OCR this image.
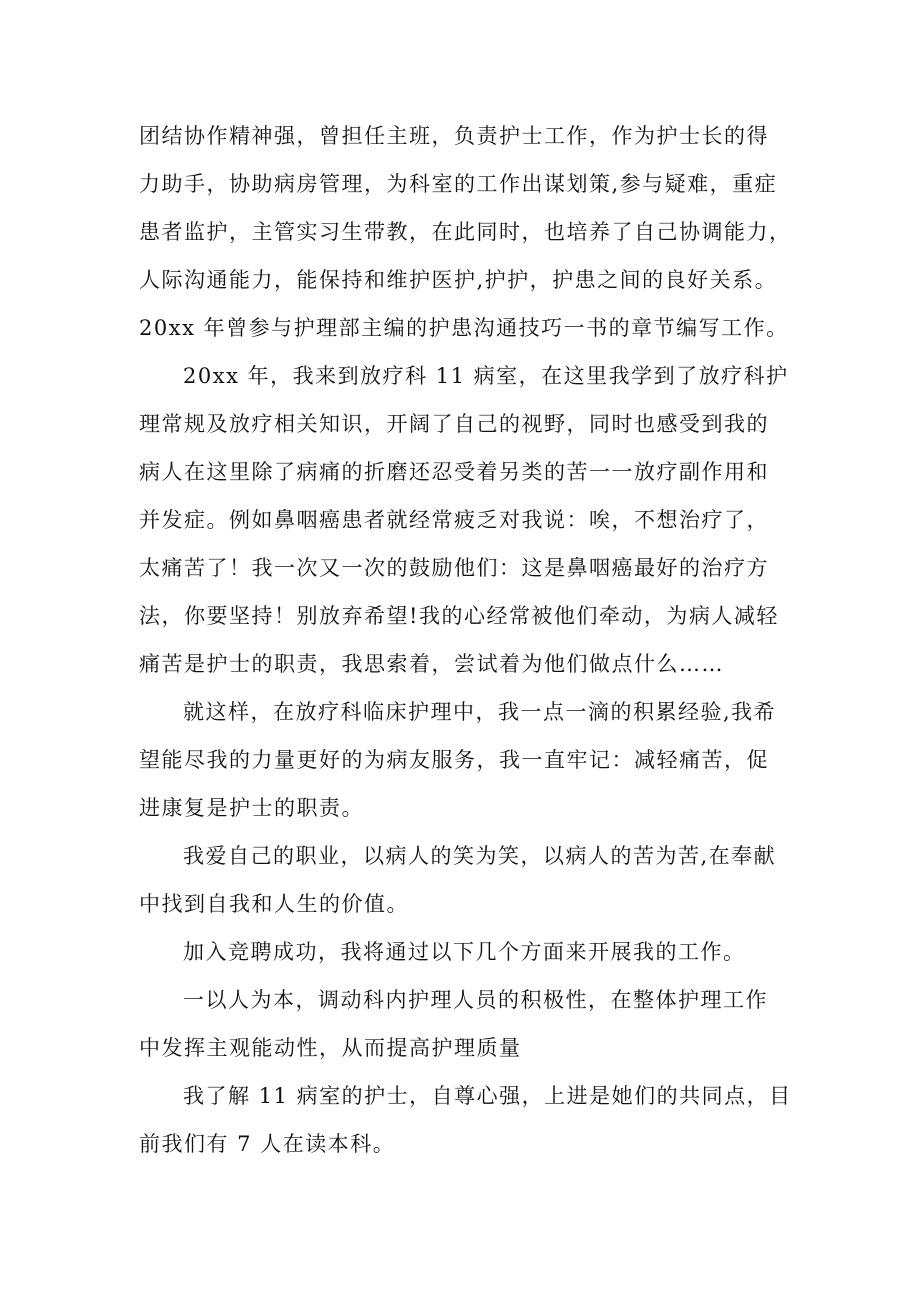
团结协作精神强，曾担任主班，负责护士工作，作为护士长的得
力助手，协助病房管理，为科室的工作出谋划策,参与疑难，重症
患者监护，主管实习生带教，在此同时，也培养了自己协调能力，
人际沟通能力，能保持和维护医护,护护，护患之间的良好关系。
20xx 年曾参与护理部主编的护患沟通技巧一书的章节编写工作。
20xx 年，我来到放疗科 11 病室，在这里我学到了放疗科护
理常规及放疗相关知识，开阔了自己的视野，同时也感受到我的
病人在这里除了病痛的折磨还忍受着另类的苦一一放疗副作用和
并发症。例如鼻咽癌患者就经常疲乏对我说：唉，不想治疗了，
太痛苦了！我一次又一次的鼓励他们：这是鼻咽癌最好的治疗方
法，你要坚持！别放弃希望!我的心经常被他们牵动，为病人减轻
痛苦是护士的职责，我思索着，尝试着为他们做点什么……
就这样，在放疗科临床护理中，我一点一滴的积累经验,我希
望能尽我的力量更好的为病友服务，我一直牢记：减轻痛苦，促
进康复是护士的职责。
我爱自己的职业，以病人的笑为笑，以病人的苦为苦,在奉献
中找到自我和人生的价值。
加入竞聘成功，我将通过以下几个方面来开展我的工作。
一以人为本，调动科内护理人员的积极性，在整体护理工作
中发挥主观能动性，从而提高护理质量
我了解 11 病室的护士，自尊心强，上进是她们的共同点，目
前我们有 7 人在读本科。
